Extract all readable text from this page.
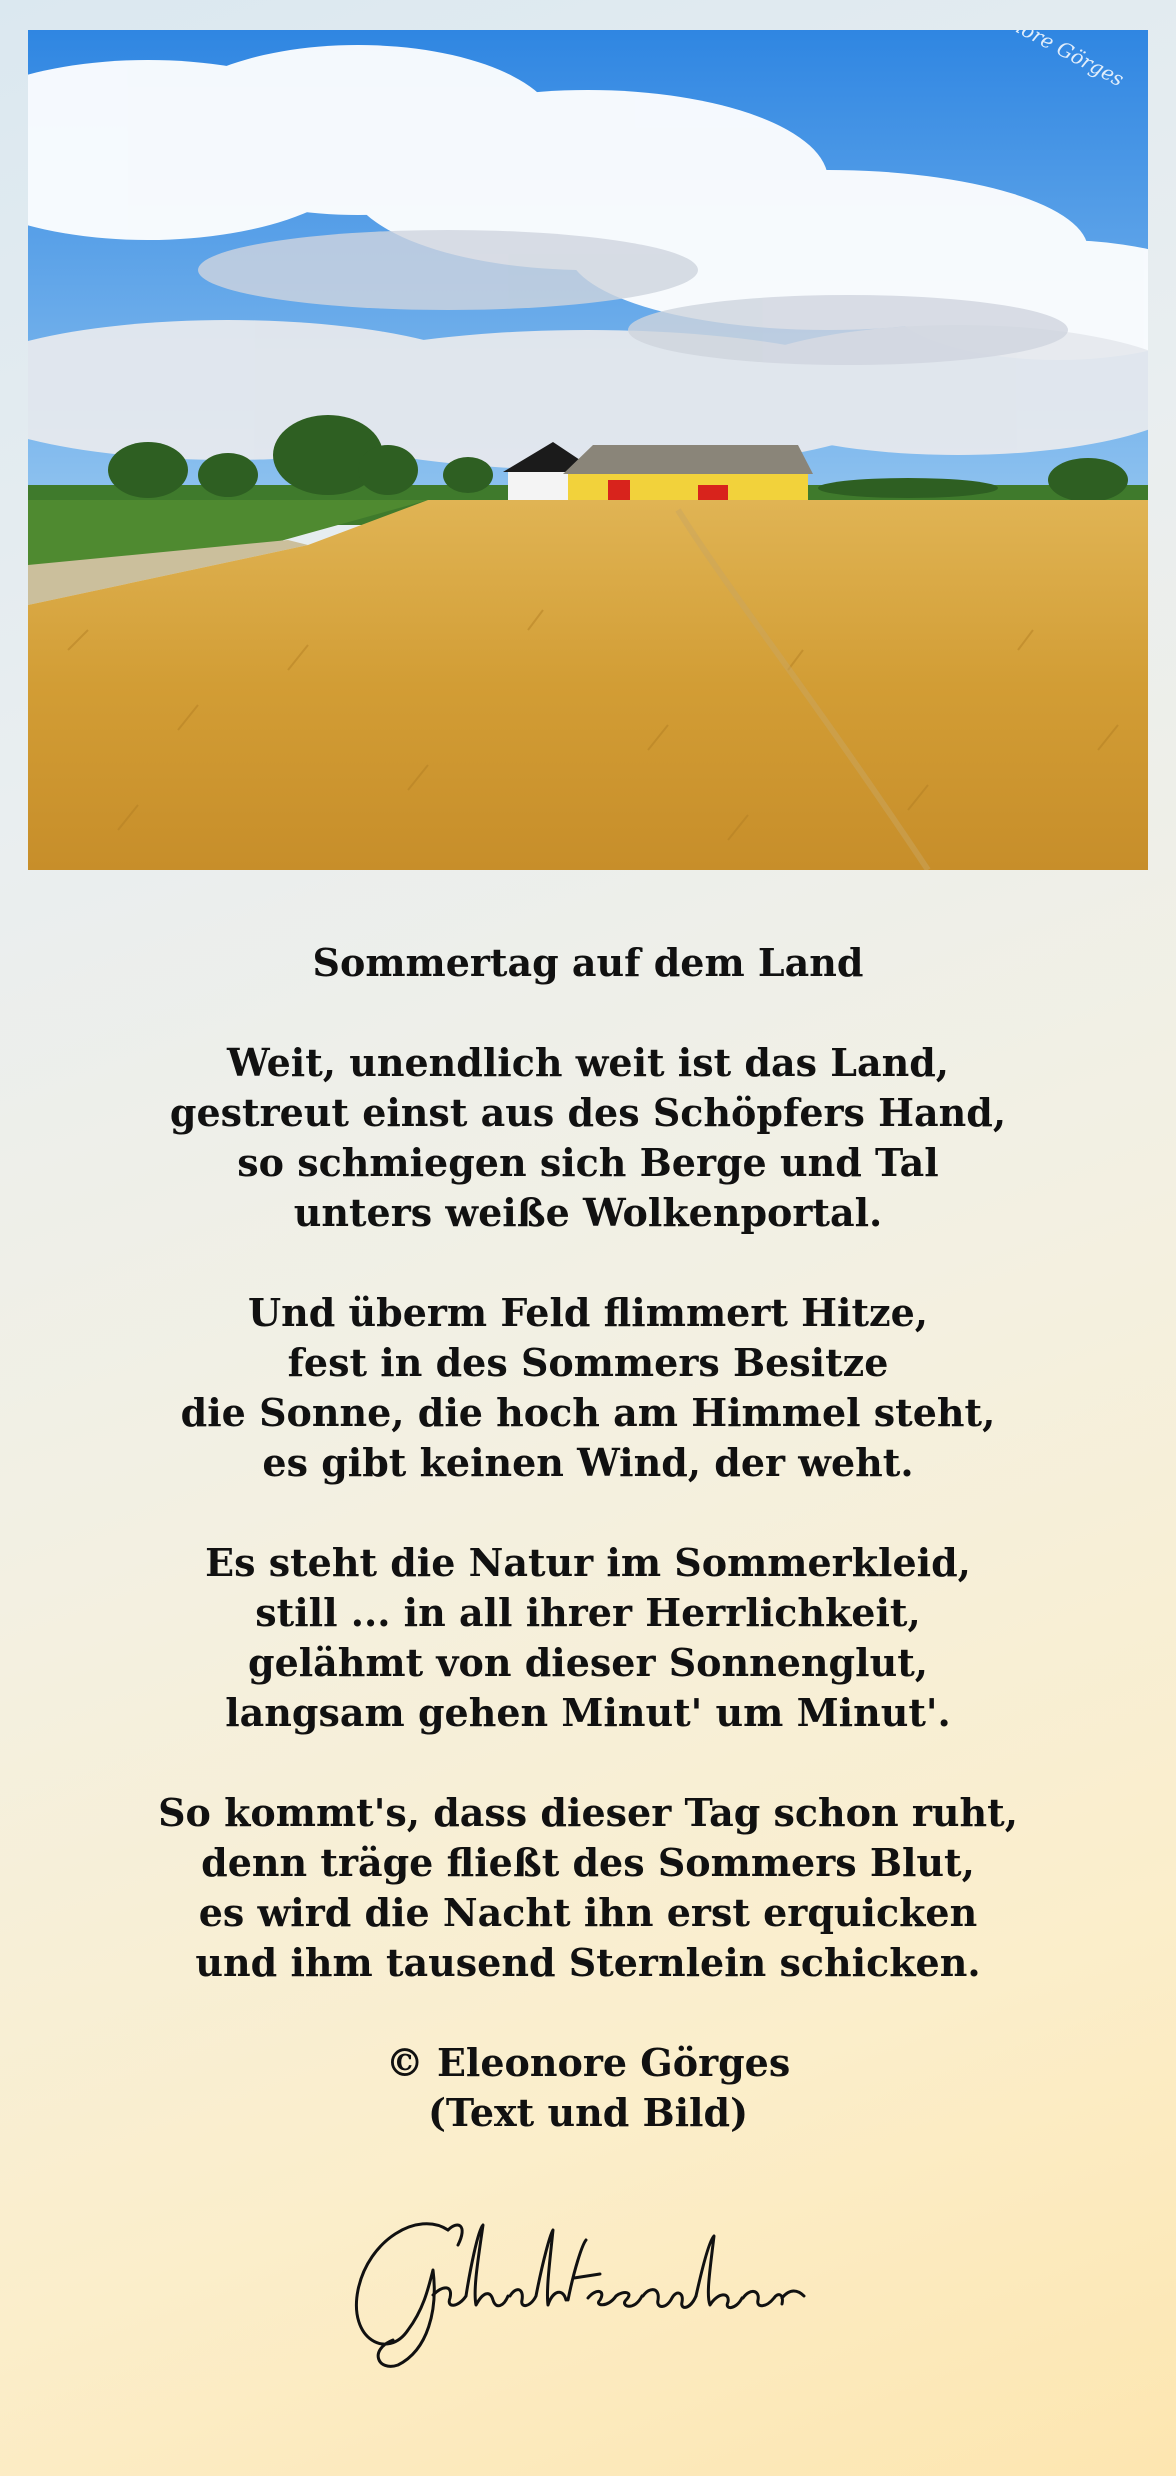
Sommertag auf dem Land
Weit, unendlich weit ist das Land,
gestreut einst aus des Schöpfers Hand,
so schmiegen sich Berge und Tal
unters weiße Wolkenportal.
Und überm Feld flimmert Hitze,
fest in des Sommers Besitze
die Sonne, die hoch am Himmel steht,
es gibt keinen Wind, der weht.
Es steht die Natur im Sommerkleid,
still ... in all ihrer Herrlichkeit,
gelähmt von dieser Sonnenglut,
langsam gehen Minut' um Minut'.
So kommt's, dass dieser Tag schon ruht,
denn träge fließt des Sommers Blut,
es wird die Nacht ihn erst erquicken
und ihm tausend Sternlein schicken.
© Eleonore Görges
(Text und Bild)
